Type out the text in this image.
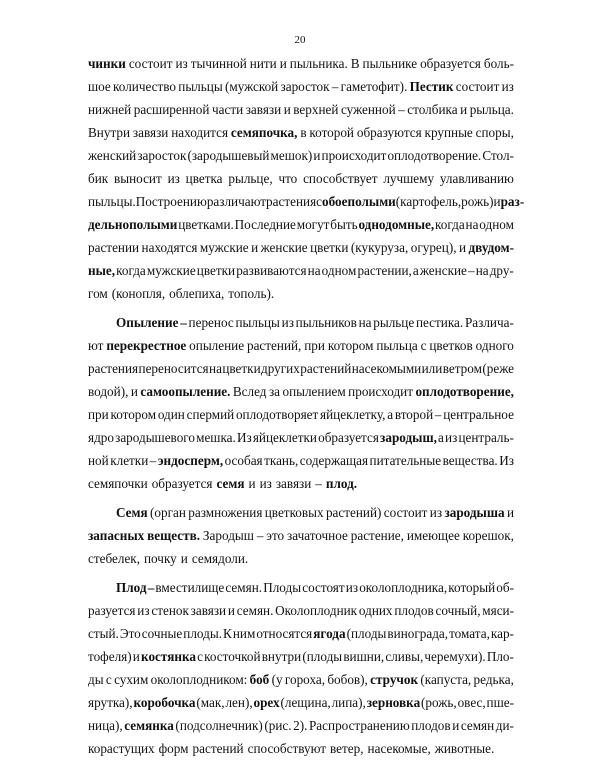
20
чинки состоит из тычинной нити и пыльника. В пыльнике образуется боль-
шое количество пыльцы (мужской заросток – гаметофит). Пестик состоит из
нижней расширенной части завязи и верхней суженной – столбика и рыльца.
Внутри завязи находится семяпочка, в которой образуются крупные споры,
женский заросток (зародышевый мешок) и происходит оплодотворение. Стол-
бик выносит из цветка рыльце, что способствует лучшему улавливанию
пыльцы. По строению различают растения с обоеполыми (картофель, рожь) и раз-
дельнополыми цветками. Последние могут быть однодомные, когда на одном
растении находятся мужские и женские цветки (кукуруза, огурец), и двудом-
ные, когда мужские цветки развиваются на одном растении, а женские – на дру-
гом (конопля, облепиха, тополь).
Опыление – перенос пыльцы из пыльников на рыльце пестика. Различа-
ют перекрестное опыление растений, при котором пыльца с цветков одного
растения переносится на цветки других растений насекомыми или ветром (реже
водой), и самоопыление. Вслед за опылением происходит оплодотворение,
при котором один спермий оплодотворяет яйцеклетку, а второй – центральное
ядро зародышевого мешка. Из яйцеклетки образуется зародыш, а из централь-
ной клетки – эндосперм, особая ткань, содержащая питательные вещества. Из
семяпочки образуется семя и из завязи – плод.
Семя (орган размножения цветковых растений) состоит из зародыша и
запасных веществ. Зародыш – это зачаточное растение, имеющее корешок,
стебелек, почку и семядоли.
Плод – вместилище семян. Плоды состоят из околоплодника, который об-
разуется из стенок завязи и семян. Околоплодник одних плодов сочный, мяси-
стый. Это сочные плоды. К ним относятся ягода (плоды винограда, томата, кар-
тофеля) и костянка с косточкой внутри (плоды вишни, сливы, черемухи). Пло-
ды с сухим околоплодником: боб (у гороха, бобов), стручок (капуста, редька,
ярутка), коробочка (мак, лен), орех (лещина, липа), зерновка (рожь, овес, пше-
ница), семянка (подсолнечник) (рис. 2). Распространению плодов и семян ди-
корастущих форм растений способствуют ветер, насекомые, животные.
